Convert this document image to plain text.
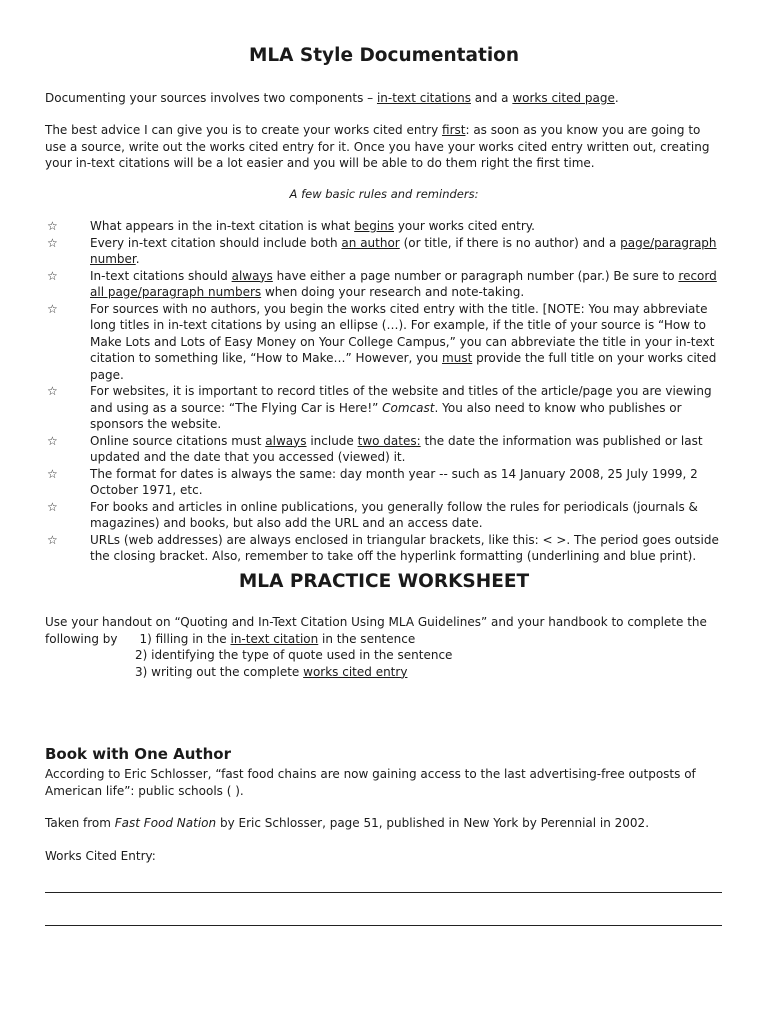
MLA Style Documentation
Documenting your sources involves two components – in-text citations and a works cited page.
The best advice I can give you is to create your works cited entry first: as soon as you know you are going to use a source, write out the works cited entry for it. Once you have your works cited entry written out, creating your in-text citations will be a lot easier and you will be able to do them right the first time.
A few basic rules and reminders:
☆	What appears in the in-text citation is what begins your works cited entry.
☆	Every in-text citation should include both an author (or title, if there is no author) and a page/paragraph number.
☆	In-text citations should always have either a page number or paragraph number (par.) Be sure to record all page/paragraph numbers when doing your research and note-taking.
☆	For sources with no authors, you begin the works cited entry with the title. [NOTE: You may abbreviate long titles in in-text citations by using an ellipse (…). For example, if the title of your source is “How to Make Lots and Lots of Easy Money on Your College Campus,” you can abbreviate the title in your in-text citation to something like, “How to Make…” However, you must provide the full title on your works cited page.
☆	For websites, it is important to record titles of the website and titles of the article/page you are viewing and using as a source: “The Flying Car is Here!” Comcast. You also need to know who publishes or sponsors the website.
☆	Online source citations must always include two dates: the date the information was published or last updated and the date that you accessed (viewed) it.
☆	The format for dates is always the same: day month year -- such as 14 January 2008, 25 July 1999, 2 October 1971, etc.
☆	For books and articles in online publications, you generally follow the rules for periodicals (journals & magazines) and books, but also add the URL and an access date.
☆	URLs (web addresses) are always enclosed in triangular brackets, like this: < >. The period goes outside the closing bracket. Also, remember to take off the hyperlink formatting (underlining and blue print).
MLA PRACTICE WORKSHEET
Use your handout on “Quoting and In-Text Citation Using MLA Guidelines” and your handbook to complete the
following by 1) filling in the in-text citation in the sentence
2) identifying the type of quote used in the sentence
3) writing out the complete works cited entry
Book with One Author
According to Eric Schlosser, “fast food chains are now gaining access to the last advertising-free outposts of American life”: public schools ( ).
Taken from Fast Food Nation by Eric Schlosser, page 51, published in New York by Perennial in 2002.
Works Cited Entry:
